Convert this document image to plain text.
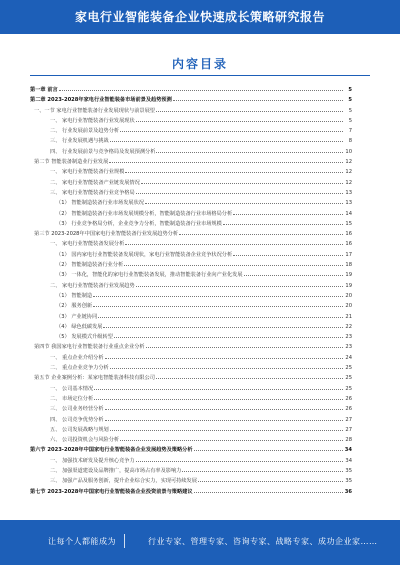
家电行业智能装备企业快速成长策略研究报告
内容目录
第一章 前言	5
第二章 2023-2028年家电行业智能装备市场前景及趋势预测	5
一、一节 家电行业智能装备行业发展现状与前景展望	5
一、 家电行业智能装备行业发展现状	5
二、 行业发展前景及趋势分析	7
三、 行业发展机遇与挑战	8
四、 行业发展前景与竞争格局及发展预测分析	10
第二节 智能装备制造业行业发展	12
一、 家电行业智能装备行业规模	12
二、 家电行业智能装备产业链发展情况	12
三、 家电行业智能装备行业竞争格局	13
（1） 智能制造装备行业市场发展状况	13
（2） 智能制造装备行业市场发展规模分析，智能制造装备行业市场格局分析	14
（3） 行业竞争格局分析，企业竞争力分析，智能制造装备行业市场规模	15
第三节 2023-2028年中国家电行业智能装备行业发展趋势分析	16
一、 家电行业智能装备发展分析	16
（1） 国内家电行业智能装备发展现状，家电行业智能装备企业竞争状况分析	17
（2） 智能制造装备行业分析	18
（3） 一体化，智能化的家电行业智能装备发展，推动智能装备行业向产业化发展	19
二、 家电行业智能装备行业发展趋势	19
（1） 智能制造	20
（2） 服务创新	20
（3） 产业链协同	21
（4） 绿色低碳发展	22
（5） 发展模式升级转型	23
第四节 我国家电行业智能装备行业重点企业分析	23
一、 重点企业介绍分析	24
二、 重点企业竞争力分析	25
第五节 企业案例分析：某家电智能装备科技有限公司	25
一、 公司基本情况	25
二、 市场定位分析	26
三、 公司业务经营分析	26
四、 公司竞争优势分析	27
五、 公司发展战略与规划	27
六、 公司投资机会与风险分析	28
第六节 2023-2028年中国家电行业智能装备企业发展趋势及策略分析	34
一、 加强技术研发及提升核心竞争力	34
二、 加强渠道建设及品牌推广，提高市场占有率及影响力	35
三、 加强产品及服务创新，提升企业综合实力，实现可持续发展	35
第七节 2023-2028年中国家电行业智能装备企业投资前景与策略建议	36
让每个人都能成为	行业专家、管理专家、咨询专家、战略专家、成功企业家……
